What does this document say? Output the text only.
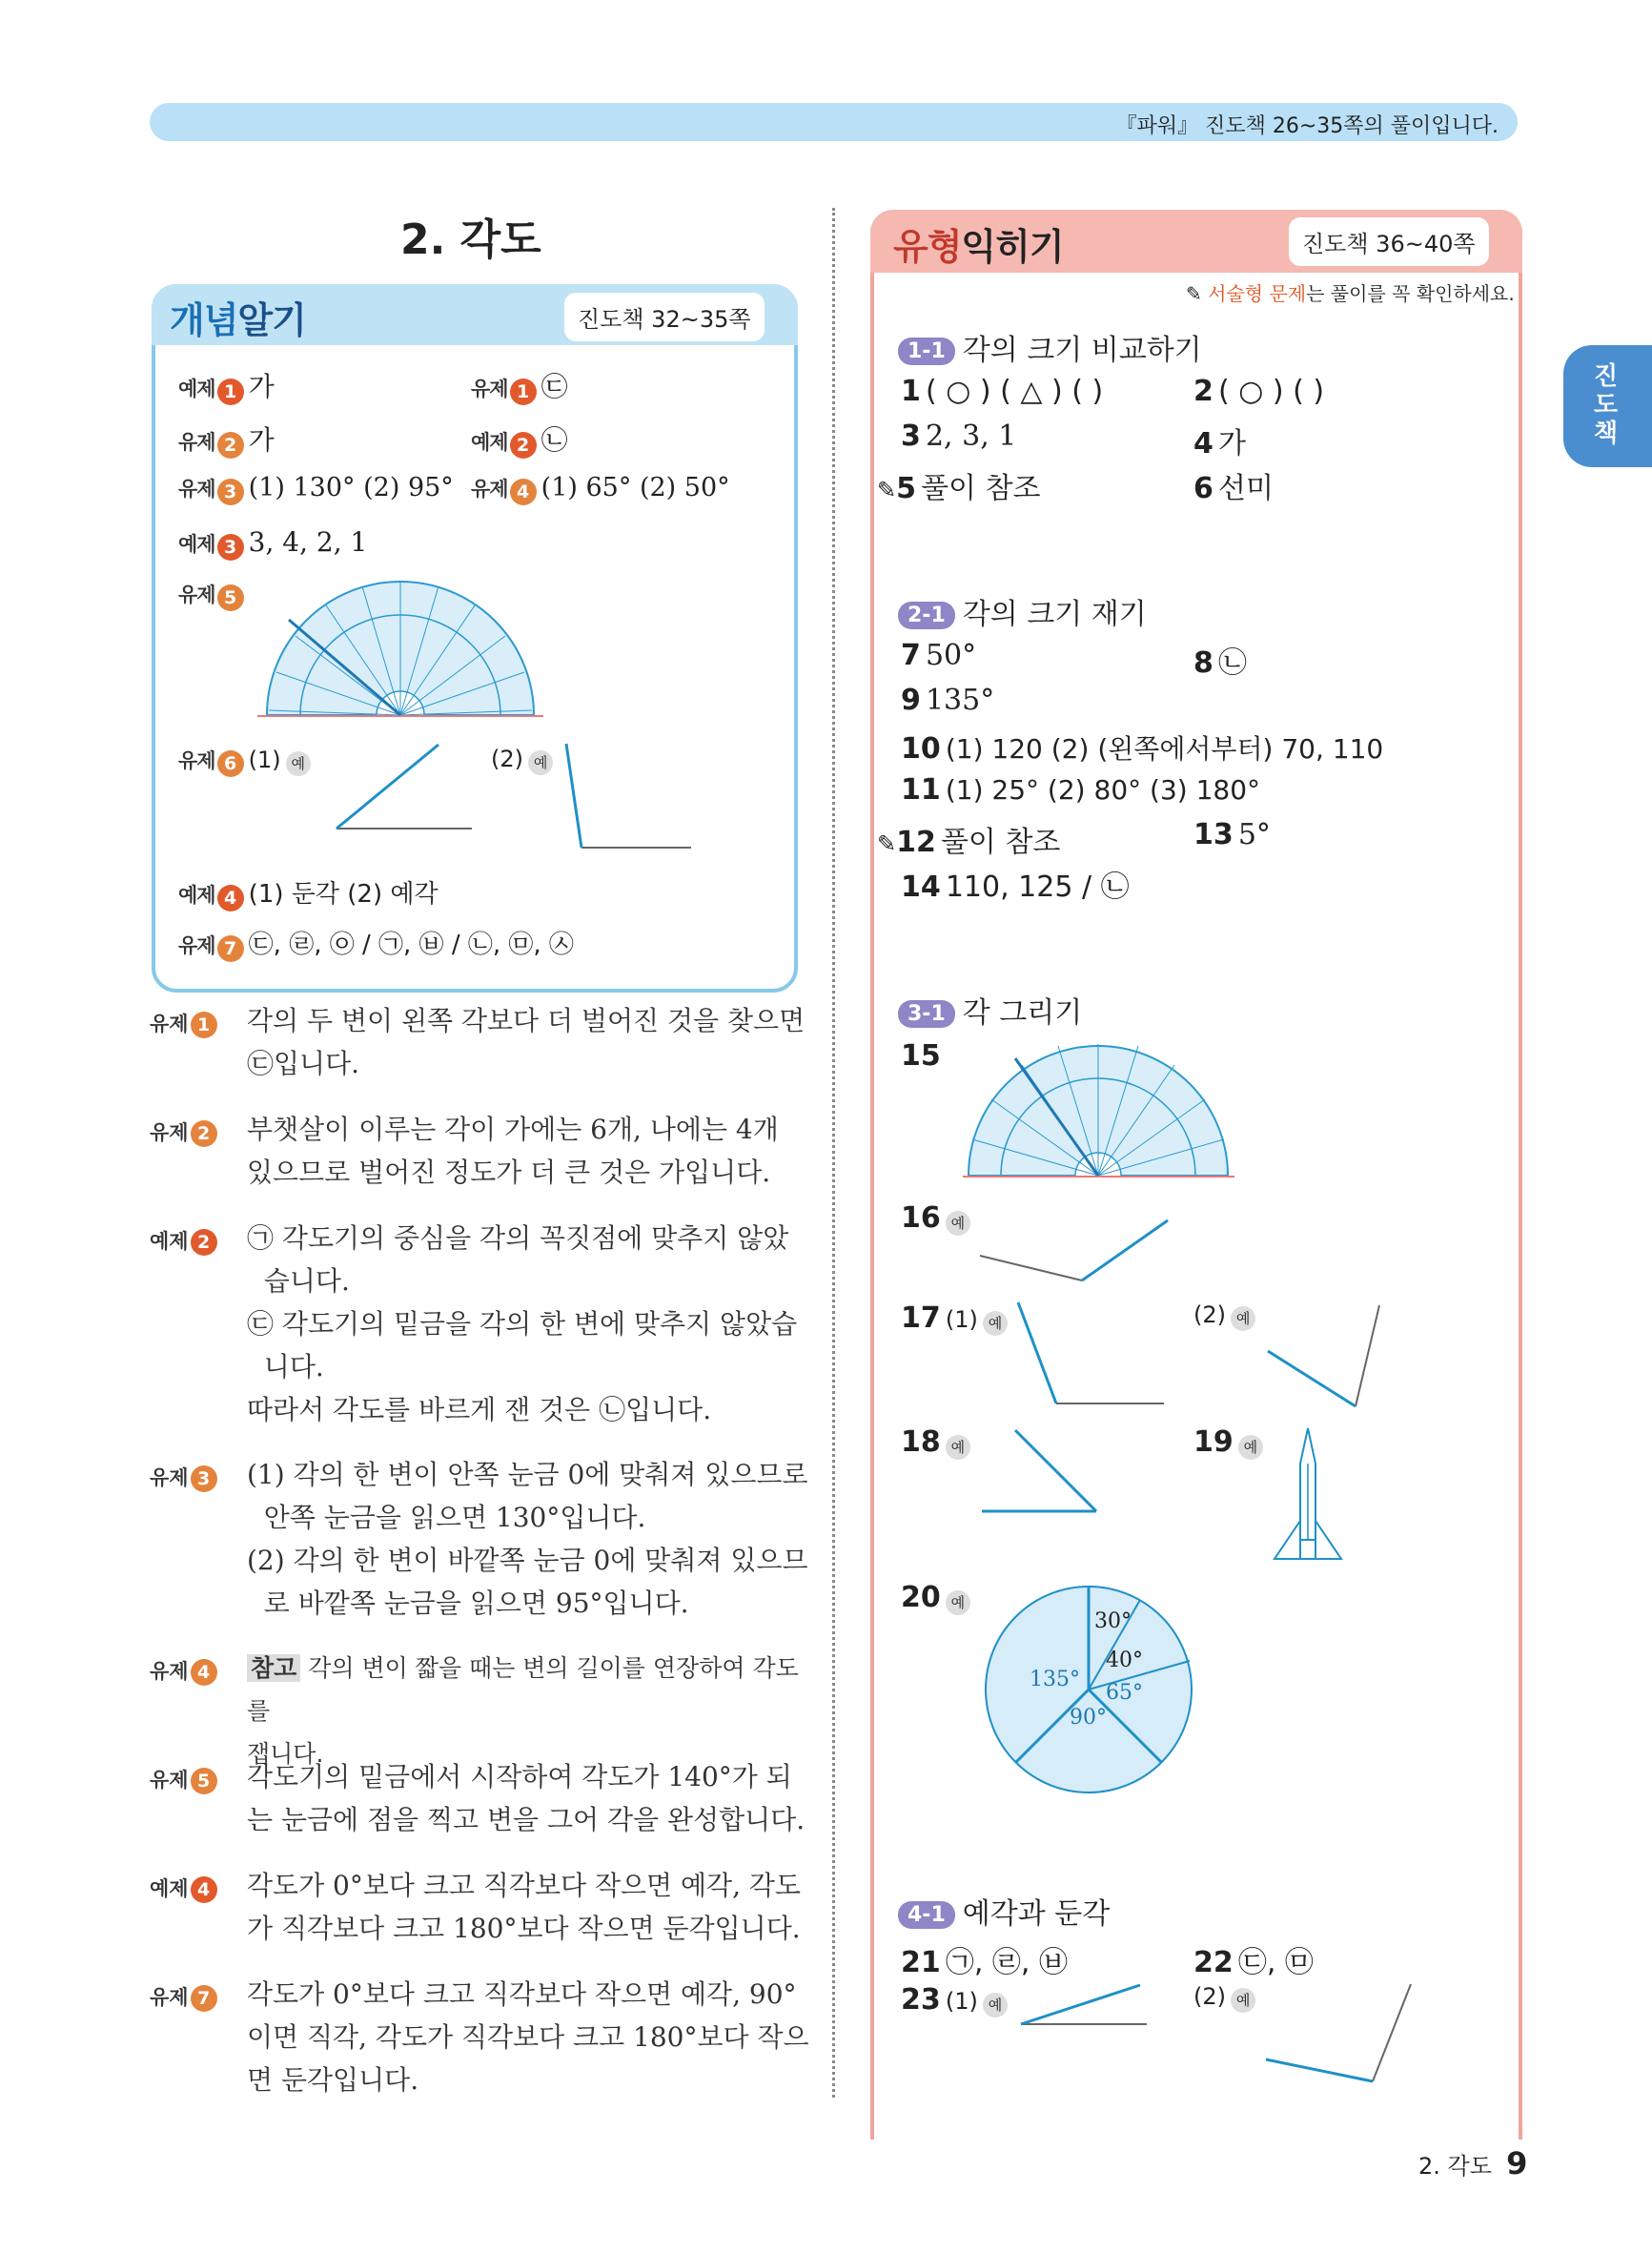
『파워』 진도책 26~35쪽의 풀이입니다.
2. 각도
진도책
개념알기	진도책 32~35쪽
예제 1 가	유제 1 ㉢
유제 2 가	예제 2 ㉡
유제 3 (1) 130° (2) 95° 유제 4 (1) 65° (2) 50°
예제 3 3, 4, 2, 1
유제 5
유제 6 (1) 예	(2) 예
예제 4 (1) 둔각 (2) 예각
유제 7 ㉢, ㉣, ㉧ / ㉠, ㉥ / ㉡, ㉤, ㉦
유제 1 각의 두 변이 왼쪽 각보다 더 벌어진 것을 찾으면
㉢입니다.
유제 2 부챗살이 이루는 각이 가에는 6개, 나에는 4개
있으므로 벌어진 정도가 더 큰 것은 가입니다.
예제 2 ㉠ 각도기의 중심을 각의 꼭짓점에 맞추지 않았
습니다.
㉢ 각도기의 밑금을 각의 한 변에 맞추지 않았습
니다.
따라서 각도를 바르게 잰 것은 ㉡입니다.
유제 3 (1) 각의 한 변이 안쪽 눈금 0에 맞춰져 있으므로
안쪽 눈금을 읽으면 130°입니다.
(2) 각의 한 변이 바깥쪽 눈금 0에 맞춰져 있으므
로 바깥쪽 눈금을 읽으면 95°입니다.
유제 4 참고 각의 변이 짧을 때는 변의 길이를 연장하여 각도를
잽니다.
유제 5 각도기의 밑금에서 시작하여 각도가 140°가 되
는 눈금에 점을 찍고 변을 그어 각을 완성합니다.
예제 4 각도가 0°보다 크고 직각보다 작으면 예각, 각도
가 직각보다 크고 180°보다 작으면 둔각입니다.
유제 7 각도가 0°보다 크고 직각보다 작으면 예각, 90°
이면 직각, 각도가 직각보다 크고 180°보다 작으
면 둔각입니다.
유형익히기	진도책 36~40쪽
✎ 서술형 문제는 풀이를 꼭 확인하세요.
1-1 각의 크기 비교하기
1 ( ○ ) ( △ ) ( )	2 ( ○ ) ( )
3 2, 3, 1	4 가
✎5 풀이 참조	6 선미
2-1 각의 크기 재기
7 50°	8 ㉡
9 135°
10 (1) 120 (2) (왼쪽에서부터) 70, 110
11 (1) 25° (2) 80° (3) 180°
✎12 풀이 참조	13 5°
14 110, 125 / ㉡
3-1 각 그리기
15
16 예
17 (1) 예	(2) 예
18 예	19 예
20 예
30°
40°
135°
65°
90°
4-1 예각과 둔각
21 ㉠, ㉣, ㉥	22 ㉢, ㉤
23 (1) 예	(2) 예
2. 각도 9
